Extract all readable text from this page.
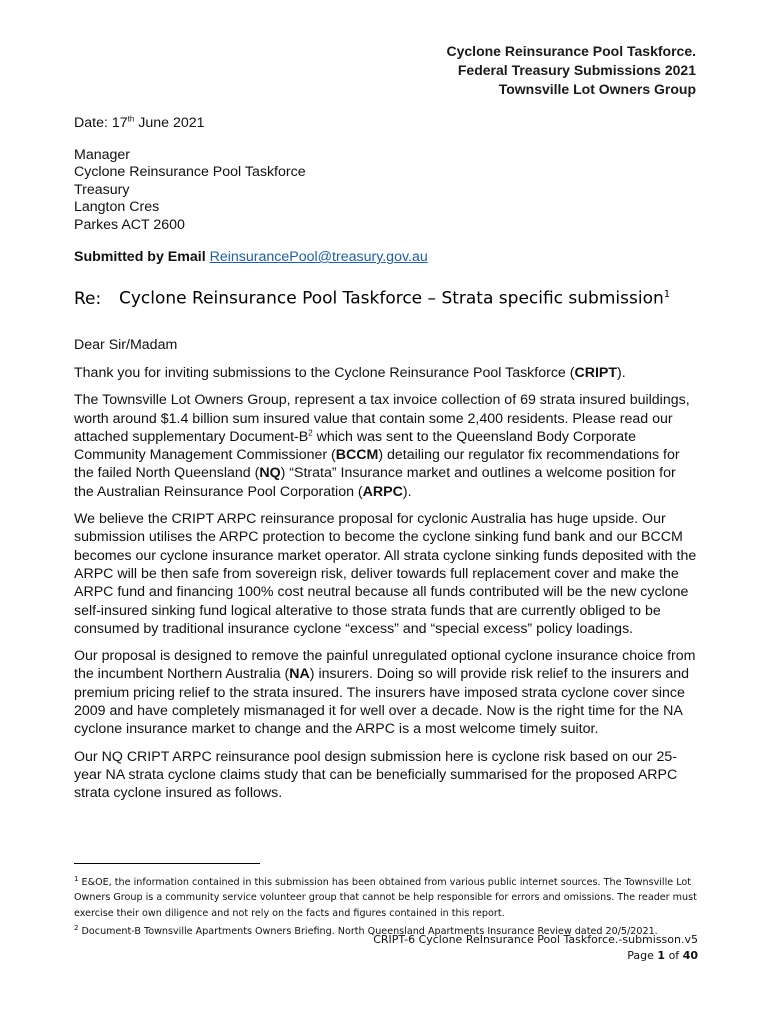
Cyclone Reinsurance Pool Taskforce.
Federal Treasury Submissions 2021
Townsville Lot Owners Group
Date: 17th June 2021
Manager
Cyclone Reinsurance Pool Taskforce
Treasury
Langton Cres
Parkes ACT 2600
Submitted by Email ReinsurancePool@treasury.gov.au
Re: Cyclone Reinsurance Pool Taskforce – Strata specific submission$^1$
Dear Sir/Madam

Thank you for inviting submissions to the Cyclone Reinsurance Pool Taskforce (CRIPT).

The Townsville Lot Owners Group, represent a tax invoice collection of 69 strata insured buildings, worth around $1.4 billion sum insured value that contain some 2,400 residents. Please read our attached supplementary Document-$B^2$ which was sent to the Queensland Body Corporate Community Management Commissioner (BCCM) detailing our regulator fix recommendations for the failed North Queensland (NQ) “Strata” Insurance market and outlines a welcome position for the Australian Reinsurance Pool Corporation (ARPC).

We believe the CRIPT ARPC reinsurance proposal for cyclonic Australia has huge upside. Our submission utilises the ARPC protection to become the cyclone sinking fund bank and our BCCM becomes our cyclone insurance market operator. All strata cyclone sinking funds deposited with the ARPC will be then safe from sovereign risk, deliver towards full replacement cover and make the ARPC fund and financing 100% cost neutral because all funds contributed will be the new cyclone self-insured sinking fund logical alterative to those strata funds that are currently obliged to be consumed by traditional insurance cyclone “excess” and “special excess” policy loadings.

Our proposal is designed to remove the painful unregulated optional cyclone insurance choice from the incumbent Northern Australia (NA) insurers. Doing so will provide risk relief to the insurers and premium pricing relief to the strata insured. The insurers have imposed strata cyclone cover since 2009 and have completely mismanaged it for well over a decade. Now is the right time for the NA cyclone insurance market to change and the ARPC is a most welcome timely suitor.

Our NQ CRIPT ARPC reinsurance pool design submission here is cyclone risk based on our 25-year NA strata cyclone claims study that can be beneficially summarised for the proposed ARPC strata cyclone insured as follows.

$^1$ E&OE, the information contained in this submission has been obtained from various public internet sources. The Townsville Lot Owners Group is a community service volunteer group that cannot be help responsible for errors and omissions. The reader must exercise their own diligence and not rely on the facts and figures contained in this report.
$^2$ Document-B Townsville Apartments Owners Briefing. North Queensland Apartments Insurance Review dated 20/5/2021.
CRIPT-6 Cyclone ReInsurance Pool Taskforce.-submisson.v5
Page 1 of 40
